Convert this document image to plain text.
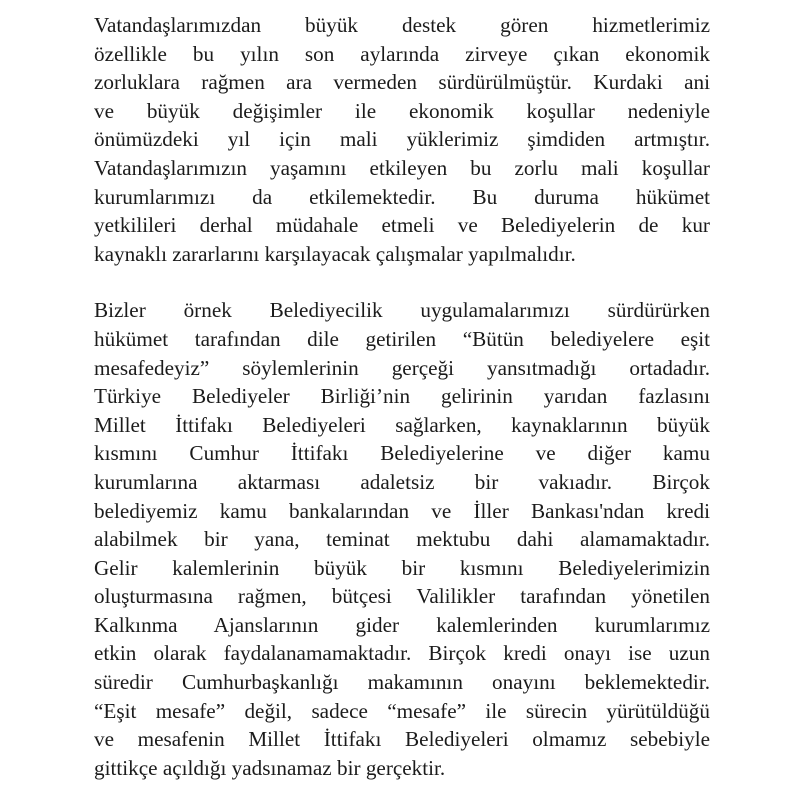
Vatandaşlarımızdan büyük destek gören hizmetlerimiz
özellikle bu yılın son aylarında zirveye çıkan ekonomik
zorluklara rağmen ara vermeden sürdürülmüştür. Kurdaki ani
ve büyük değişimler ile ekonomik koşullar nedeniyle
önümüzdeki yıl için mali yüklerimiz şimdiden artmıştır.
Vatandaşlarımızın yaşamını etkileyen bu zorlu mali koşullar
kurumlarımızı da etkilemektedir. Bu duruma hükümet
yetkilileri derhal müdahale etmeli ve Belediyelerin de kur
kaynaklı zararlarını karşılayacak çalışmalar yapılmalıdır.
Bizler örnek Belediyecilik uygulamalarımızı sürdürürken
hükümet tarafından dile getirilen “Bütün belediyelere eşit
mesafedeyiz” söylemlerinin gerçeği yansıtmadığı ortadadır.
Türkiye Belediyeler Birliği’nin gelirinin yarıdan fazlasını
Millet İttifakı Belediyeleri sağlarken, kaynaklarının büyük
kısmını Cumhur İttifakı Belediyelerine ve diğer kamu
kurumlarına aktarması adaletsiz bir vakıadır. Birçok
belediyemiz kamu bankalarından ve İller Bankası'ndan kredi
alabilmek bir yana, teminat mektubu dahi alamamaktadır.
Gelir kalemlerinin büyük bir kısmını Belediyelerimizin
oluşturmasına rağmen, bütçesi Valilikler tarafından yönetilen
Kalkınma Ajanslarının gider kalemlerinden kurumlarımız
etkin olarak faydalanamamaktadır. Birçok kredi onayı ise uzun
süredir Cumhurbaşkanlığı makamının onayını beklemektedir.
“Eşit mesafe” değil, sadece “mesafe” ile sürecin yürütüldüğü
ve mesafenin Millet İttifakı Belediyeleri olmamız sebebiyle
gittikçe açıldığı yadsınamaz bir gerçektir.
